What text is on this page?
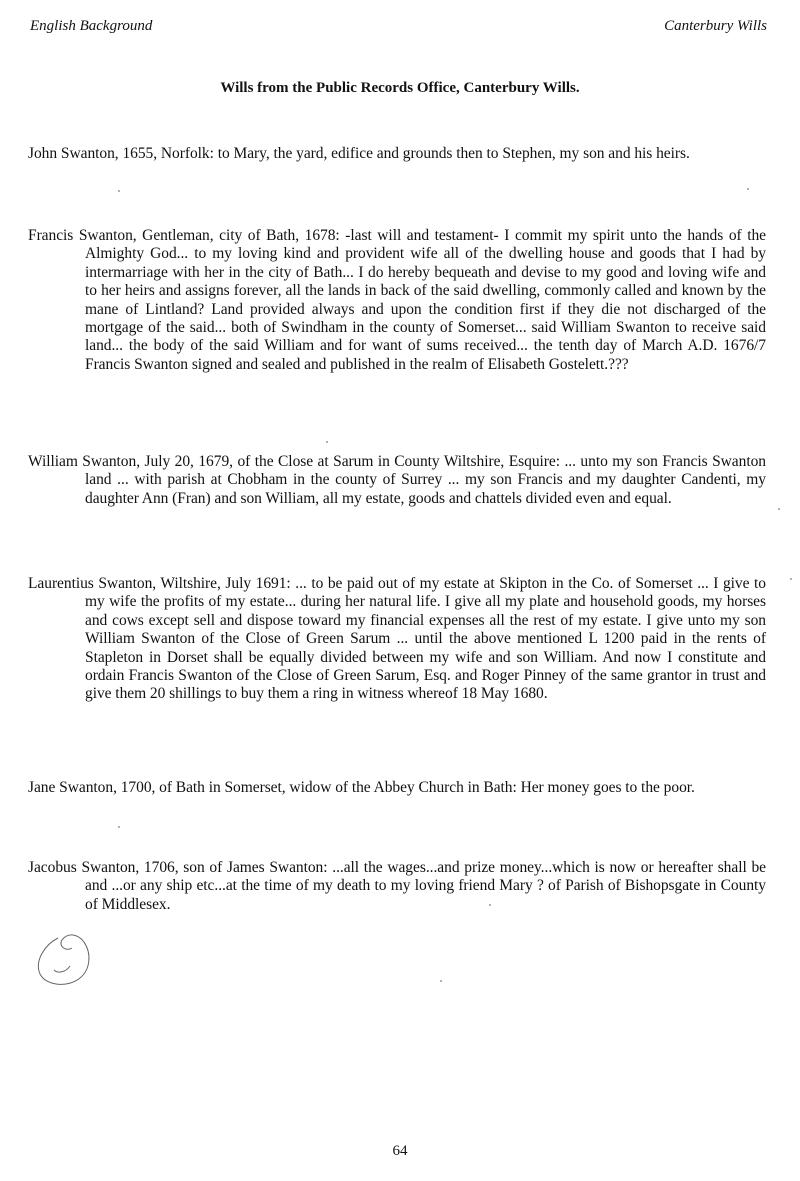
English Background	Canterbury Wills
Wills from the Public Records Office, Canterbury Wills.

John Swanton, 1655, Norfolk: to Mary, the yard, edifice and grounds then to Stephen, my son and his heirs.

Francis Swanton, Gentleman, city of Bath, 1678: -last will and testament- I commit my spirit unto the hands of the Almighty God... to my loving kind and provident wife all of the dwelling house and goods that I had by intermarriage with her in the city of Bath... I do hereby bequeath and devise to my good and loving wife and to her heirs and assigns forever, all the lands in back of the said dwelling, commonly called and known by the mane of Lintland? Land provided always and upon the condition first if they die not discharged of the mortgage of the said... both of Swindham in the county of Somerset... said William Swanton to receive said land... the body of the said William and for want of sums received... the tenth day of March A.D. 1676/7 Francis Swanton signed and sealed and published in the realm of Elisabeth Gostelett.???

William Swanton, July 20, 1679, of the Close at Sarum in County Wiltshire, Esquire: ... unto my son Francis Swanton land ... with parish at Chobham in the county of Surrey ... my son Francis and my daughter Candenti, my daughter Ann (Fran) and son William, all my estate, goods and chattels divided even and equal.

Laurentius Swanton, Wiltshire, July 1691: ... to be paid out of my estate at Skipton in the Co. of Somerset ... I give to my wife the profits of my estate... during her natural life. I give all my plate and household goods, my horses and cows except sell and dispose toward my financial expenses all the rest of my estate. I give unto my son William Swanton of the Close of Green Sarum ... until the above mentioned L 1200 paid in the rents of Stapleton in Dorset shall be equally divided between my wife and son William. And now I constitute and ordain Francis Swanton of the Close of Green Sarum, Esq. and Roger Pinney of the same grantor in trust and give them 20 shillings to buy them a ring in witness whereof 18 May 1680.

Jane Swanton, 1700, of Bath in Somerset, widow of the Abbey Church in Bath: Her money goes to the poor.

Jacobus Swanton, 1706, son of James Swanton: ...all the wages...and prize money...which is now or hereafter shall be and ...or any ship etc...at the time of my death to my loving friend Mary ? of Parish of Bishopsgate in County of Middlesex.

64
